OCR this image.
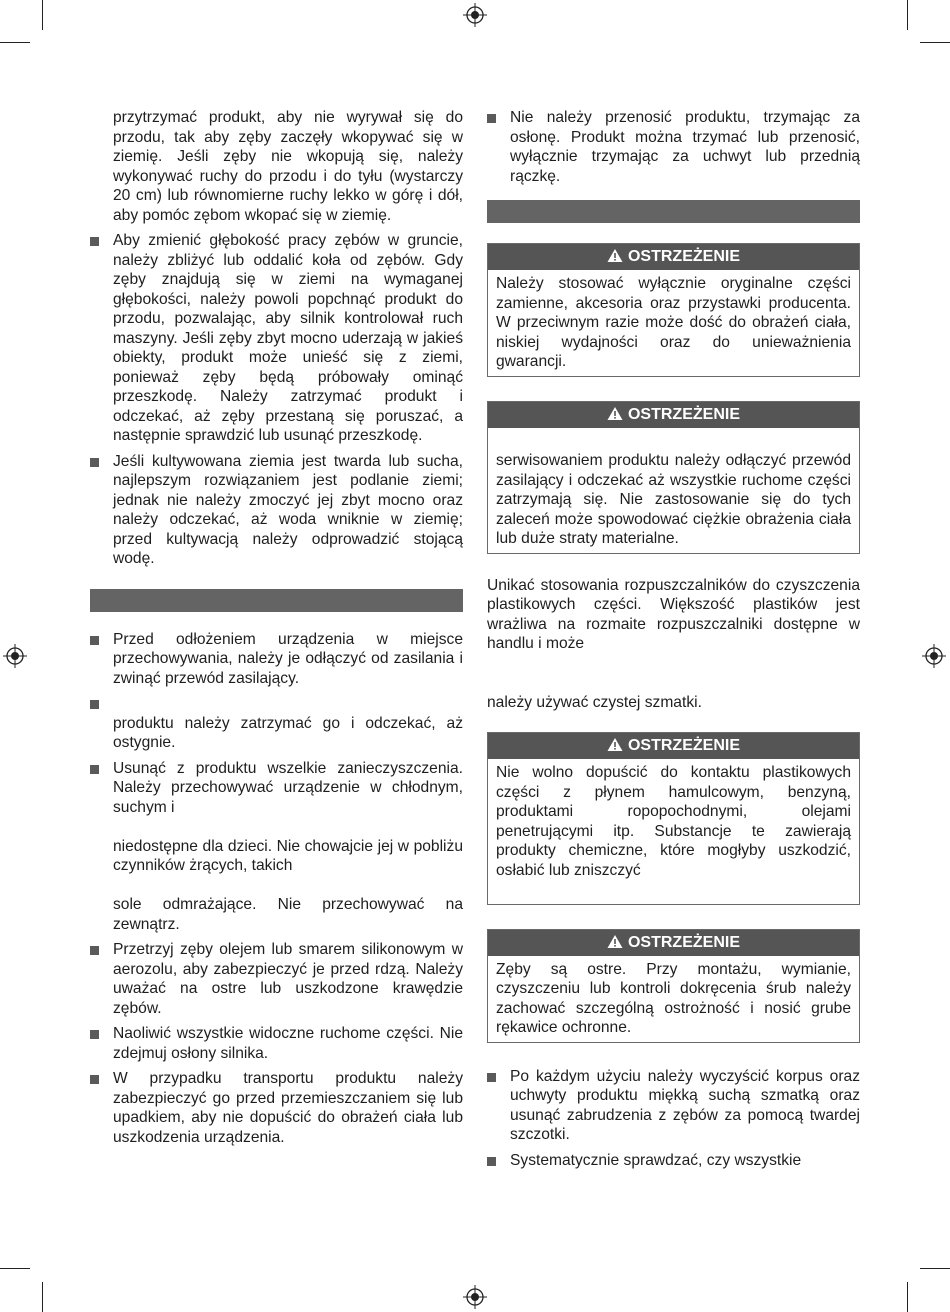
przytrzymać produkt, aby nie wyrywał się do przodu, tak aby zęby zaczęły wkopywać się w ziemię. Jeśli zęby nie wkopują się, należy wykonywać ruchy do przodu i do tyłu (wystarczy 20 cm) lub równomierne ruchy lekko w górę i dół, aby pomóc zębom wkopać się w ziemię.

Aby zmienić głębokość pracy zębów w gruncie, należy zbliżyć lub oddalić koła od zębów. Gdy zęby znajdują się w ziemi na wymaganej głębokości, należy powoli popchnąć produkt do przodu, pozwalając, aby silnik kontrolował ruch maszyny. Jeśli zęby zbyt mocno uderzają w jakieś obiekty, produkt może unieść się z ziemi, ponieważ zęby będą próbowały ominąć przeszkodę. Należy zatrzymać produkt i odczekać, aż zęby przestaną się poruszać, a następnie sprawdzić lub usunąć przeszkodę.
Jeśli kultywowana ziemia jest twarda lub sucha, najlepszym rozwiązaniem jest podlanie ziemi; jednak nie należy zmoczyć jej zbyt mocno oraz należy odczekać, aż woda wniknie w ziemię; przed kultywacją należy odprowadzić stojącą wodę.
Przed odłożeniem urządzenia w miejsce przechowywania, należy je odłączyć od zasilania i zwinąć przewód zasilający.
produktu należy zatrzymać go i odczekać, aż ostygnie.
Usunąć z produktu wszelkie zanieczyszczenia. Należy przechowywać urządzenie w chłodnym, suchym i
niedostępne dla dzieci. Nie chowajcie jej w pobliżu czynników żrących, takich
sole odmrażające. Nie przechowywać na zewnątrz.
Przetrzyj zęby olejem lub smarem silikonowym w aerozolu, aby zabezpieczyć je przed rdzą. Należy uważać na ostre lub uszkodzone krawędzie zębów.
Naoliwić wszystkie widoczne ruchome części. Nie zdejmuj osłony silnika.
W przypadku transportu produktu należy zabezpieczyć go przed przemieszczaniem się lub upadkiem, aby nie dopuścić do obrażeń ciała lub uszkodzenia urządzenia.
Nie należy przenosić produktu, trzymając za osłonę. Produkt można trzymać lub przenosić, wyłącznie trzymając za uchwyt lub przednią rączkę.
OSTRZEŻENIE
Należy stosować wyłącznie oryginalne części zamienne, akcesoria oraz przystawki producenta. W przeciwnym razie może dość do obrażeń ciała, niskiej wydajności oraz do unieważnienia gwarancji.
OSTRZEŻENIE
serwisowaniem produktu należy odłączyć przewód zasilający i odczekać aż wszystkie ruchome części zatrzymają się. Nie zastosowanie się do tych zaleceń może spowodować ciężkie obrażenia ciała lub duże straty materialne.

Unikać stosowania rozpuszczalników do czyszczenia plastikowych części. Większość plastików jest wrażliwa na rozmaite rozpuszczalniki dostępne w handlu i może

należy używać czystej szmatki.

OSTRZEŻENIE
Nie wolno dopuścić do kontaktu plastikowych części z płynem hamulcowym, benzyną, produktami ropopochodnymi, olejami penetrującymi itp. Substancje te zawierają produkty chemiczne, które mogłyby uszkodzić, osłabić lub zniszczyć
OSTRZEŻENIE
Zęby są ostre. Przy montażu, wymianie, czyszczeniu lub kontroli dokręcenia śrub należy zachować szczególną ostrożność i nosić grube rękawice ochronne.
Po każdym użyciu należy wyczyścić korpus oraz uchwyty produktu miękką suchą szmatką oraz usunąć zabrudzenia z zębów za pomocą twardej szczotki.
Systematycznie sprawdzać, czy wszystkie
